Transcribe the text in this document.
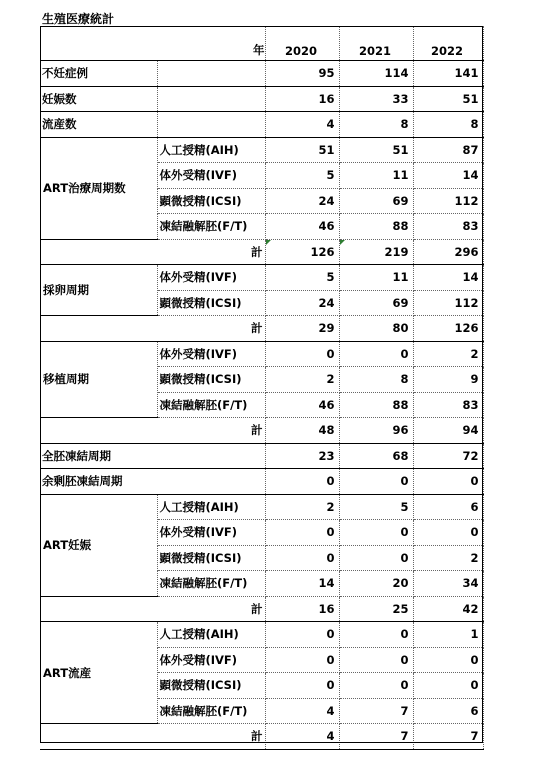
生殖医療統計
年		2020	2021	2022
不妊症例		95	114	141
妊娠数		16	33	51
流産数		4	8	8
ART治療周期数	人工授精(AIH)	51	51	87
	体外受精(IVF)	5	11	14
	顕微授精(ICSI)	24	69	112
	凍結融解胚(F/T)	46	88	83
計		126	219	296
採卵周期	体外受精(IVF)	5	11	14
	顕微授精(ICSI)	24	69	112
計		29	80	126
移植周期	体外受精(IVF)	0	0	2
	顕微授精(ICSI)	2	8	9
	凍結融解胚(F/T)	46	88	83
計		48	96	94
全胚凍結周期		23	68	72
余剰胚凍結周期		0	0	0
ART妊娠	人工授精(AIH)	2	5	6
	体外受精(IVF)	0	0	0
	顕微授精(ICSI)	0	0	2
	凍結融解胚(F/T)	14	20	34
計		16	25	42
ART流産	人工授精(AIH)	0	0	1
	体外受精(IVF)	0	0	0
	顕微授精(ICSI)	0	0	0
	凍結融解胚(F/T)	4	7	6
計		4	7	7
